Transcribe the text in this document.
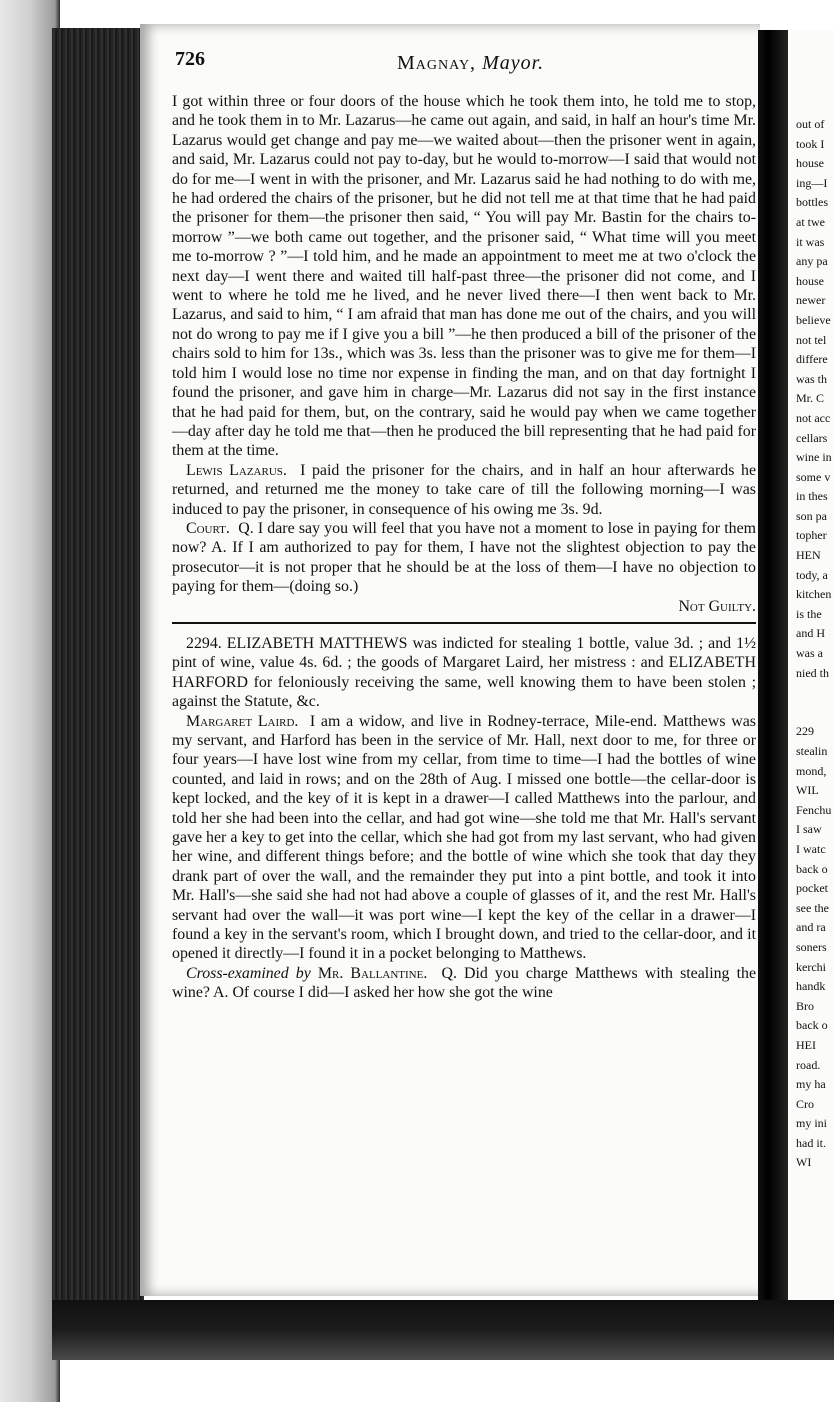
726	Magnay, Mayor.

I got within three or four doors of the house which he took them into, he told me to stop, and he took them in to Mr. Lazarus—he came out again, and said, in half an hour's time Mr. Lazarus would get change and pay me—we waited about—then the prisoner went in again, and said, Mr. Lazarus could not pay to-day, but he would to-morrow—I said that would not do for me—I went in with the prisoner, and Mr. Lazarus said he had nothing to do with me, he had ordered the chairs of the prisoner, but he did not tell me at that time that he had paid the prisoner for them—the prisoner then said, “ You will pay Mr. Bastin for the chairs to-morrow ”—we both came out together, and the prisoner said, “ What time will you meet me to-morrow ? ”—I told him, and he made an appointment to meet me at two o'clock the next day—I went there and waited till half-past three—the prisoner did not come, and I went to where he told me he lived, and he never lived there—I then went back to Mr. Lazarus, and said to him, “ I am afraid that man has done me out of the chairs, and you will not do wrong to pay me if I give you a bill ”—he then produced a bill of the prisoner of the chairs sold to him for 13s., which was 3s. less than the prisoner was to give me for them—I told him I would lose no time nor expense in finding the man, and on that day fortnight I found the prisoner, and gave him in charge—Mr. Lazarus did not say in the first instance that he had paid for them, but, on the contrary, said he would pay when we came together—day after day he told me that—then he produced the bill representing that he had paid for them at the time.

Lewis Lazarus. I paid the prisoner for the chairs, and in half an hour afterwards he returned, and returned me the money to take care of till the following morning—I was induced to pay the prisoner, in consequence of his owing me 3s. 9d.

Court. Q. I dare say you will feel that you have not a moment to lose in paying for them now? A. If I am authorized to pay for them, I have not the slightest objection to pay the prosecutor—it is not proper that he should be at the loss of them—I have no objection to paying for them—(doing so.)

Not Guilty.

2294. ELIZABETH MATTHEWS was indicted for stealing 1 bottle, value 3d. ; and 1½ pint of wine, value 4s. 6d. ; the goods of Margaret Laird, her mistress : and ELIZABETH HARFORD for feloniously receiving the same, well knowing them to have been stolen ; against the Statute, &c.

Margaret Laird. I am a widow, and live in Rodney-terrace, Mile-end. Matthews was my servant, and Harford has been in the service of Mr. Hall, next door to me, for three or four years—I have lost wine from my cellar, from time to time—I had the bottles of wine counted, and laid in rows; and on the 28th of Aug. I missed one bottle—the cellar-door is kept locked, and the key of it is kept in a drawer—I called Matthews into the parlour, and told her she had been into the cellar, and had got wine—she told me that Mr. Hall's servant gave her a key to get into the cellar, which she had got from my last servant, who had given her wine, and different things before; and the bottle of wine which she took that day they drank part of over the wall, and the remainder they put into a pint bottle, and took it into Mr. Hall's—she said she had not had above a couple of glasses of it, and the rest Mr. Hall's servant had over the wall—it was port wine—I kept the key of the cellar in a drawer—I found a key in the servant's room, which I brought down, and tried to the cellar-door, and it opened it directly—I found it in a pocket belonging to Matthews.

Cross-examined by Mr. Ballantine. Q. Did you charge Matthews with stealing the wine? A. Of course I did—I asked her how she got the wine

out of
took I
house
ing—I
bottles
at twe
it was
any pa
house
newer
believe
not tel
differe
was th
Mr. C
not acc
cellars
wine in
some v
in thes
son pa
topher
HEN
tody, a
kitchen
is the
and H
was a
nied th
229
stealin
mond,
WIL
Fenchu
I saw
I watc
back o
pocket
see the
and ra
soners
kerchi
handk
Bro
back o
HEI
road.
my ha
Cro
my ini
had it.
WI
